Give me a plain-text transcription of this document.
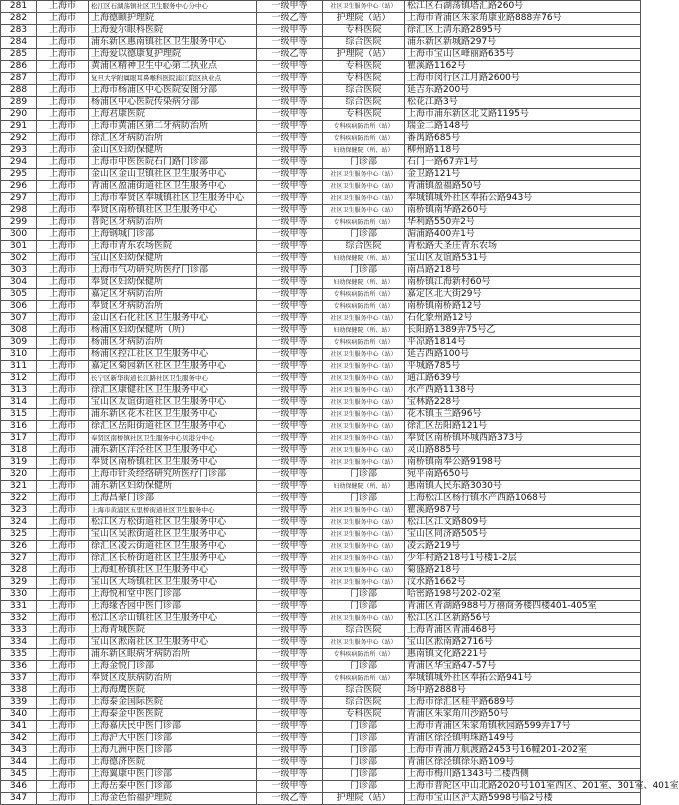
281	上海市	松江区石湖荡镇社区卫生服务中心分中心	一级甲等	社区卫生服务中心（站）	松江区石湖荡镇塔汇路260号
282	上海市	上海德颐护理院	一级乙等	护理院（站）	上海市青浦区朱家角康业路888弄76号
283	上海市	上海爱尔眼科医院	一级甲等	专科医院	徐汇区上清东路2895号
284	上海市	浦东新区惠南镇社区卫生服务中心	一级甲等	综合医院	浦东新区新城路297号
285	上海市	上海爱以德康复护理院	一级乙等	护理院（站）	上海市宝山区峰丽路635号
286	上海市	黄浦区精神卫生中心第二执业点	一级甲等	专科医院	瞿溪路1162号
287	上海市	复旦大学附属眼耳鼻喉科医院浦江院区执业点	一级甲等	专科医院	上海市闵行区江月路2600号
288	上海市	上海市杨浦区中心医院安图分部	一级甲等	综合医院	延吉东路200号
289	上海市	杨浦区中心医院传染病分部	一级甲等	综合医院	松花江路3号
290	上海市	上海君康医院	一级甲等	专科医院	上海市浦东新区北艾路1195号
291	上海市	上海市黄浦区第二牙病防治所	一级甲等	专科疾病防治所（站）	瑞金二路148号
292	上海市	徐汇区牙病防治所	一级甲等	专科疾病防治所（站）	番禺路685号
293	上海市	金山区妇幼保健所	一级甲等	妇幼保健院（所、站）	柳州路118号
294	上海市	上海市中医医院石门路门诊部	一级甲等	门诊部	石门一路67弄1号
295	上海市	金山区金山卫镇社区卫生服务中心	一级甲等	社区卫生服务中心（站）	金卫路121号
296	上海市	青浦区盈浦街道社区卫生服务中心	一级甲等	社区卫生服务中心（站）	青浦镇盈福路50号
297	上海市	上海市奉贤区奉城镇社区卫生服务中心	一级甲等	社区卫生服务中心（站）	奉城镇城外社区奉拓公路943号
298	上海市	奉贤区南桥镇社区卫生服务中心	一级甲等	社区卫生服务中心（站）	南桥镇南华路260号
299	上海市	普陀区牙病防治所	一级甲等	专科疾病防治所（站）	华利路550弄2号
300	上海市	上海钢城门诊部	一级甲等	门诊部	湄浦路400弄1号
301	上海市	上海市青东农场医院	一级甲等	综合医院	青松路天圣庄青东农场
302	上海市	宝山区妇幼保健所	一级甲等	妇幼保健院（所、站）	宝山区友谊路531号
303	上海市	上海市气功研究所医疗门诊部	一级甲等	门诊部	南昌路218号
304	上海市	奉贤区妇幼保健所	一级甲等	妇幼保健院（所、站）	南桥镇江海新村60号
305	上海市	嘉定区牙病防治所	一级甲等	专科疾病防治所（站）	嘉定区北大街29号
306	上海市	奉贤区牙病防治所	一级甲等	专科疾病防治所（站）	南桥镇南桥路12号
307	上海市	金山区石化社区卫生服务中心	一级甲等	社区卫生服务中心（站）	石化象州路12号
308	上海市	杨浦区妇幼保健所（所）	一级甲等	妇幼保健院（所、站）	长阳路1389弄75号乙
309	上海市	杨浦区牙病防治所	一级甲等	专科疾病防治所（站）	平凉路1814号
310	上海市	杨浦区控江社区卫生服务中心	一级甲等	社区卫生服务中心（站）	延吉西路100号
311	上海市	嘉定区菊园新区社区卫生服务中心	一级甲等	社区卫生服务中心（站）	平城路785号
312	上海市	长宁区新华街道长江路社区卫生服务中心	一级甲等	社区卫生服务中心（站）	通江路639号
313	上海市	徐汇区康健社区卫生服务中心	一级甲等	社区卫生服务中心（站）	水产西路1138号
314	上海市	宝山区友谊街道社区卫生服务中心	一级甲等	社区卫生服务中心（站）	宝林路228号
315	上海市	浦东新区花木社区卫生服务中心	一级甲等	社区卫生服务中心（站）	花木镇玉兰路96号
316	上海市	徐汇区岳阳街道社区卫生服务中心	一级甲等	社区卫生服务中心（站）	徐汇区岳阳路121号
317	上海市	奉贤区南桥镇社区卫生服务中心贝港分中心	一级甲等	社区卫生服务中心（站）	奉贤区南桥镇环城西路373号
318	上海市	浦东新区洋泾社区卫生服务中心	一级甲等	社区卫生服务中心（站）	灵山路885号
319	上海市	奉贤区南桥镇社区卫生服务中心	一级甲等	社区卫生服务中心（站）	南桥镇南奉公路9198号
320	上海市	上海市针灸经络研究所医疗门诊部	一级甲等	门诊部	宛平南路650号
321	上海市	浦东新区妇幼保健所	一级甲等	妇幼保健院（所、站）	惠南镇人民东路3030号
322	上海市	上海昌豪门诊部	一级甲等	门诊部	上海松江区杨行镇水产西路1068号
323	上海市	上海市黄浦区五里桥街道社区卫生服务中心	一级甲等	社区卫生服务中心（站）	瞿溪路987号
324	上海市	松江区方松街道社区卫生服务中心	一级甲等	社区卫生服务中心（站）	松江区江文路809号
325	上海市	宝山区吴淞街道社区卫生服务中心	一级甲等	社区卫生服务中心（站）	宝山区同济路505号
326	上海市	徐汇区凌云街道社区卫生服务中心	一级甲等	社区卫生服务中心（站）	凌云路219号
327	上海市	徐汇区长桥街道社区卫生服务中心	一级甲等	社区卫生服务中心（站）	少年村路218号1号楼1-2层
328	上海市	上海虹桥镇社区卫生服务中心	一级甲等	社区卫生服务中心（站）	菊盛路218号
329	上海市	宝山区大场镇社区卫生服务中心	一级甲等	社区卫生服务中心（站）	汶水路1662号
330	上海市	上海悦和堂中医门诊部	一级甲等	门诊部	哈密路198号202-02室
331	上海市	上海缘杏园中医门诊部	一级甲等	门诊部	青浦区青湖路988号万禧商务楼四楼401-405室
332	上海市	松江区佘山镇社区卫生服务中心	一级甲等	社区卫生服务中心（站）	松江区江区新路56号
333	上海市	上海青城医院	一级甲等	综合医院	上海青浦区青浦468号
334	上海市	宝山区淞南社区卫生服务中心	一级甲等	社区卫生服务中心（站）	宝山区淞南路2716号
335	上海市	浦东新区眼病牙病防治所	一级甲等	专科疾病防治所（站）	惠南镇文化路221号
336	上海市	上海金悦门诊部	一级甲等	门诊部	青浦区华宝路47-57号
337	上海市	奉贤区皮肤病防治所	一级甲等	专科疾病防治所（站）	奉城镇城外社区奉拓公路941号
338	上海市	上海海鹰医院	一级甲等	综合医院	场中路2888号
339	上海市	上海泰金国际医院	一级甲等	综合医院	上海市徐汇区桂平路689号
340	上海市	上海泰金中医医院	一级甲等	专科医院	青浦区朱家角川沙路50号
341	上海市	上海嘉庆民中医门诊部	一级甲等	门诊部	上海市青浦区朱家角镇秋园路599弄17号
342	上海市	上海沪大中医门诊部	一级甲等	门诊部	青浦区徐泾镇明珠路149号
343	上海市	上海九洲中医门诊部	一级甲等	门诊部	上海市青浦万航渡路2453号16幢201-202室
344	上海市	上海德济医院	一级甲等	门诊部	青浦区徐泾镇徐乐路109号
345	上海市	上海翼康中医门诊部	一级甲等	门诊部	上海市梅川路1343号二楼西侧
346	上海市	上海岳泰中医门诊部	一级甲等	门诊部	上海市普陀区中山北路2020号101室西区、201室、301室、401室
347	上海市	上海金色怡福护理院	一级乙等	护理院（站）	上海市宝山区沪太路5998号临2号楼
